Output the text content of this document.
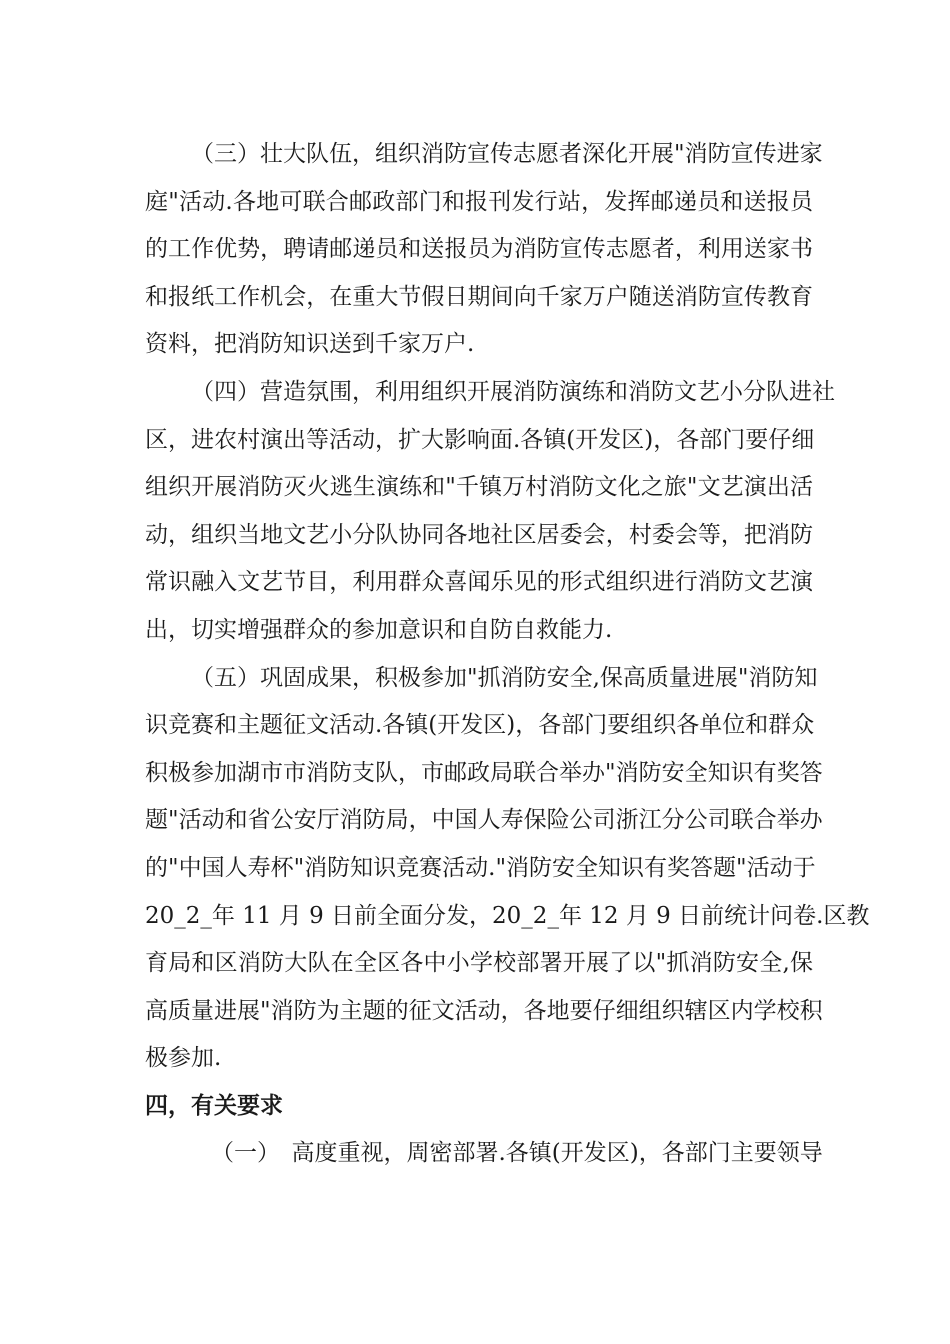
（三）壮大队伍，组织消防宣传志愿者深化开展"消防宣传进家
庭"活动.各地可联合邮政部门和报刊发行站，发挥邮递员和送报员
的工作优势，聘请邮递员和送报员为消防宣传志愿者，利用送家书
和报纸工作机会，在重大节假日期间向千家万户随送消防宣传教育
资料，把消防知识送到千家万户.
（四）营造氛围，利用组织开展消防演练和消防文艺小分队进社
区，进农村演出等活动，扩大影响面.各镇(开发区)，各部门要仔细
组织开展消防灭火逃生演练和"千镇万村消防文化之旅"文艺演出活
动，组织当地文艺小分队协同各地社区居委会，村委会等，把消防
常识融入文艺节目，利用群众喜闻乐见的形式组织进行消防文艺演
出，切实增强群众的参加意识和自防自救能力.
（五）巩固成果，积极参加"抓消防安全,保高质量进展"消防知
识竞赛和主题征文活动.各镇(开发区)，各部门要组织各单位和群众
积极参加湖市市消防支队，市邮政局联合举办"消防安全知识有奖答
题"活动和省公安厅消防局，中国人寿保险公司浙江分公司联合举办
的"中国人寿杯"消防知识竞赛活动."消防安全知识有奖答题"活动于
20_2_年 11 月 9 日前全面分发，20_2_年 12 月 9 日前统计问卷.区教
育局和区消防大队在全区各中小学校部署开展了以"抓消防安全,保
高质量进展"消防为主题的征文活动，各地要仔细组织辖区内学校积
极参加.
四，有关要求
（一）　高度重视，周密部署.各镇(开发区)，各部门主要领导
